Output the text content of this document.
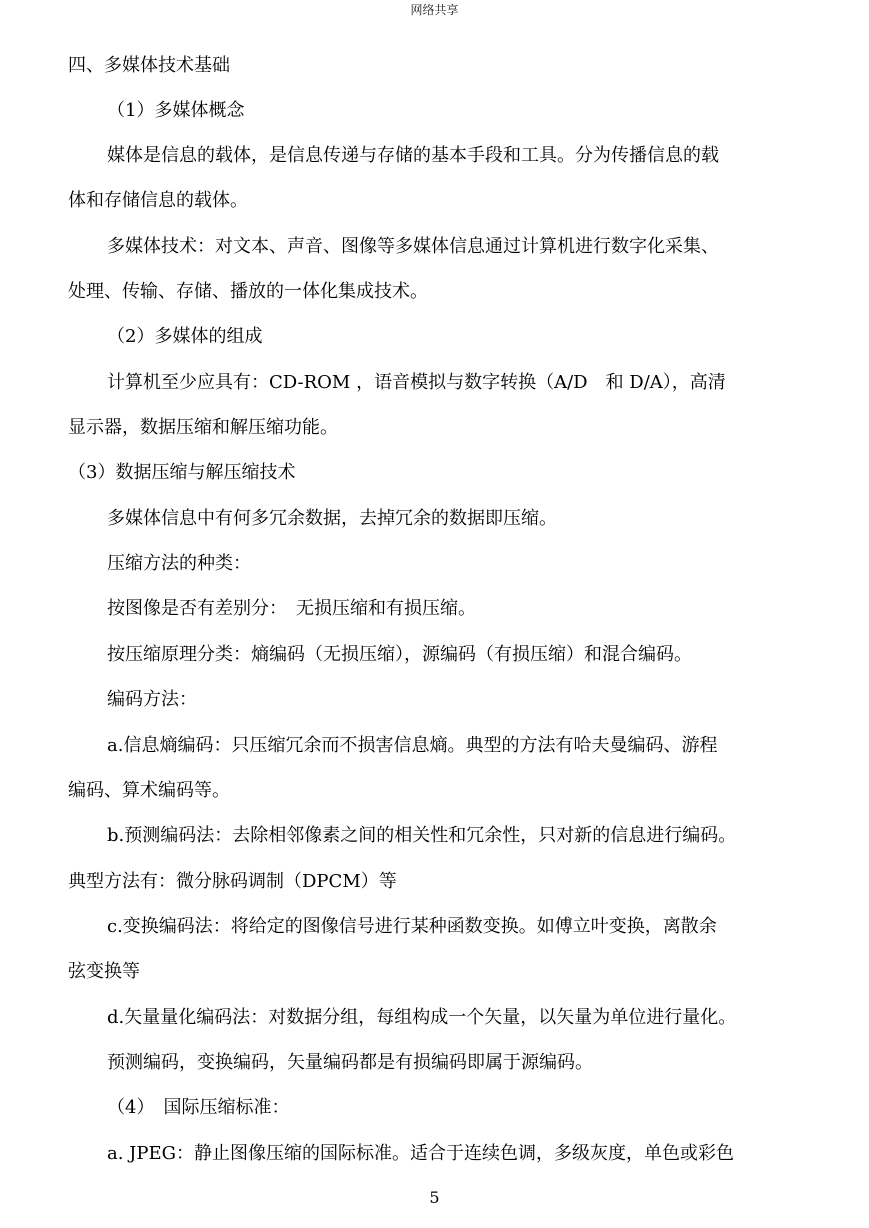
网络共享
四、多媒体技术基础
（1）多媒体概念
媒体是信息的载体，是信息传递与存储的基本手段和工具。分为传播信息的载
体和存储信息的载体。
多媒体技术：对文本、声音、图像等多媒体信息通过计算机进行数字化采集、
处理、传输、存储、播放的一体化集成技术。
（2）多媒体的组成
计算机至少应具有：CD-ROM ，语音模拟与数字转换（A/D　和 D/A），高清
显示器，数据压缩和解压缩功能。
（3）数据压缩与解压缩技术
多媒体信息中有何多冗余数据，去掉冗余的数据即压缩。
压缩方法的种类：
按图像是否有差别分：　无损压缩和有损压缩。
按压缩原理分类：熵编码（无损压缩），源编码（有损压缩）和混合编码。
编码方法：
a.信息熵编码：只压缩冗余而不损害信息熵。典型的方法有哈夫曼编码、游程
编码、算术编码等。
b.预测编码法：去除相邻像素之间的相关性和冗余性，只对新的信息进行编码。
典型方法有：微分脉码调制（DPCM）等
c.变换编码法：将给定的图像信号进行某种函数变换。如傅立叶变换，离散余
弦变换等
d.矢量量化编码法：对数据分组，每组构成一个矢量，以矢量为单位进行量化。
预测编码，变换编码，矢量编码都是有损编码即属于源编码。
（4）　国际压缩标准：
a. JPEG：静止图像压缩的国际标准。适合于连续色调，多级灰度，单色或彩色
5
